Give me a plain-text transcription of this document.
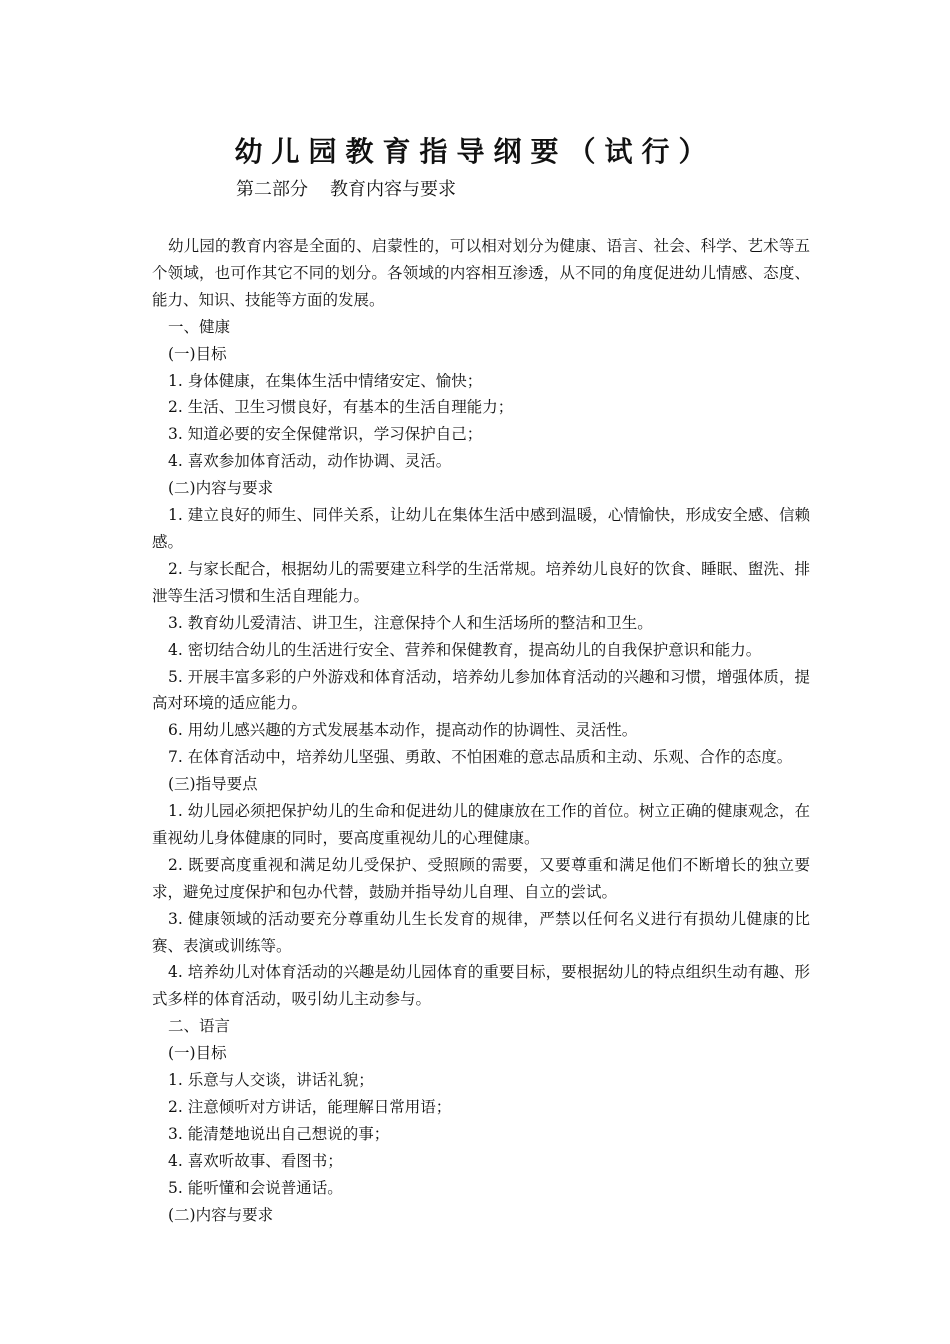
幼儿园教育指导纲要（试行）
第二部分 教育内容与要求

幼儿园的教育内容是全面的、启蒙性的，可以相对划分为健康、语言、社会、科学、艺术等五个领域，也可作其它不同的划分。各领域的内容相互渗透，从不同的角度促进幼儿情感、态度、能力、知识、技能等方面的发展。

一、健康

(一)目标

1. 身体健康，在集体生活中情绪安定、愉快；

2. 生活、卫生习惯良好，有基本的生活自理能力；

3. 知道必要的安全保健常识，学习保护自己；

4. 喜欢参加体育活动，动作协调、灵活。

(二)内容与要求

1. 建立良好的师生、同伴关系，让幼儿在集体生活中感到温暖，心情愉快，形成安全感、信赖感。

2. 与家长配合，根据幼儿的需要建立科学的生活常规。培养幼儿良好的饮食、睡眠、盥洗、排泄等生活习惯和生活自理能力。

3. 教育幼儿爱清洁、讲卫生，注意保持个人和生活场所的整洁和卫生。

4. 密切结合幼儿的生活进行安全、营养和保健教育，提高幼儿的自我保护意识和能力。

5. 开展丰富多彩的户外游戏和体育活动，培养幼儿参加体育活动的兴趣和习惯，增强体质，提高对环境的适应能力。

6. 用幼儿感兴趣的方式发展基本动作，提高动作的协调性、灵活性。

7. 在体育活动中，培养幼儿坚强、勇敢、不怕困难的意志品质和主动、乐观、合作的态度。

(三)指导要点

1. 幼儿园必须把保护幼儿的生命和促进幼儿的健康放在工作的首位。树立正确的健康观念，在重视幼儿身体健康的同时，要高度重视幼儿的心理健康。

2. 既要高度重视和满足幼儿受保护、受照顾的需要，又要尊重和满足他们不断增长的独立要求，避免过度保护和包办代替，鼓励并指导幼儿自理、自立的尝试。

3. 健康领域的活动要充分尊重幼儿生长发育的规律，严禁以任何名义进行有损幼儿健康的比赛、表演或训练等。

4. 培养幼儿对体育活动的兴趣是幼儿园体育的重要目标，要根据幼儿的特点组织生动有趣、形式多样的体育活动，吸引幼儿主动参与。

二、语言

(一)目标

1. 乐意与人交谈，讲话礼貌；

2. 注意倾听对方讲话，能理解日常用语；

3. 能清楚地说出自己想说的事；

4. 喜欢听故事、看图书；

5. 能听懂和会说普通话。

(二)内容与要求
